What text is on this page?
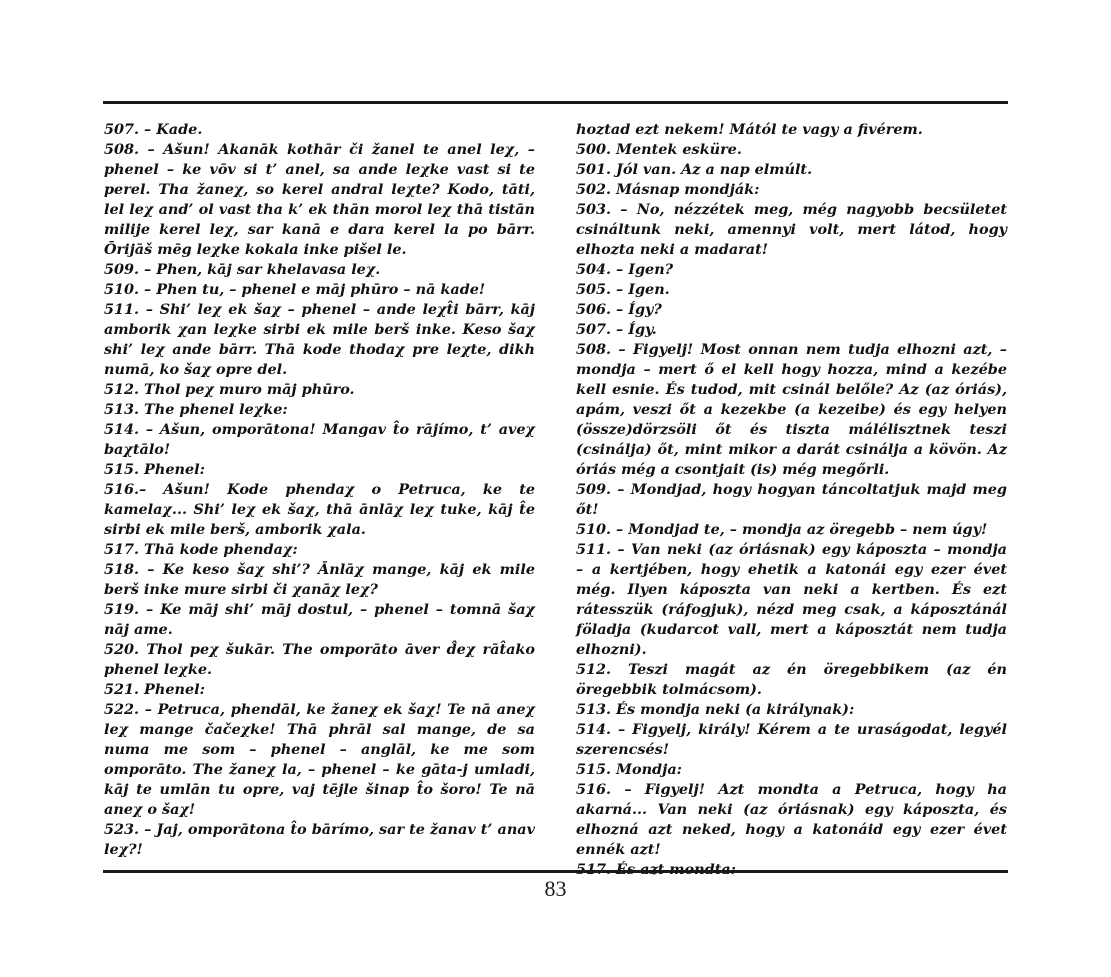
507. – Kade.

508. – Ašun! Akanāk kothār či žanel te anel leχ, – phenel – ke vōv si t’ anel, sa ande leχke vast si te perel. Tha žaneχ, so kerel andral leχte? Kodo, tāti, lel leχ and’ ol vast tha k’ ek thān morol leχ thā tistān milije kerel leχ, sar kanā e dara kerel la po bārr. Ōrijāš mēg leχke kokala inke pišel le.

509. – Phen, kāj sar khelavasa leχ.

510. – Phen tu, – phenel e māj phūro – nā kade!

511. – Shi’ leχ ek šaχ – phenel – ande leχt̂i bārr, kāj amborik χan leχke sirbi ek mile berš inke. Keso šaχ shi’ leχ ande bārr. Thā kode thodaχ pre leχte, dikh numā, ko šaχ opre del.

512. Thol peχ muro māj phūro.

513. The phenel leχke:

514. – Ašun, omporātona! Mangav t̂o rājímo, t’ aveχ baχtālo!

515. Phenel:

516.– Ašun! Kode phendaχ o Petruca, ke te kamelaχ... Shi’ leχ ek šaχ, thā ānlāχ leχ tuke, kāj t̂e sirbi ek mile berš, amborik χala.

517. Thā kode phendaχ:

518. – Ke keso šaχ shi’? Ānlāχ mange, kāj ek mile berš inke mure sirbi či χanāχ leχ?

519. – Ke māj shi’ māj dostul, – phenel – tomnā šaχ nāj ame.

520. Thol peχ šukār. The omporāto āver d̂eχ rāt̂ako phenel leχke.

521. Phenel:

522. – Petruca, phendāl, ke žaneχ ek šaχ! Te nā aneχ leχ mange čačeχke! Thā phrāl sal mange, de sa numa me som – phenel – anglāl, ke me som omporāto. The žaneχ la, – phenel – ke gāta-j umladi, kāj te umlān tu opre, vaj tējle šinap t̂o šoro! Te nā aneχ o šaχ!

523. – Jaj, omporātona t̂o bārímo, sar te žanav t’ anav leχ?!

hoztad ezt nekem! Mától te vagy a fivérem.

500. Mentek esküre.

501. Jól van. Az a nap elmúlt.

502. Másnap mondják:

503. – No, nézzétek meg, még nagyobb becsületet csináltunk neki, amennyi volt, mert látod, hogy elhozta neki a madarat!

504. – Igen?

505. – Igen.

506. – Így?

507. – Így.

508. – Figyelj! Most onnan nem tudja elhozni azt, – mondja – mert ő el kell hogy hozza, mind a kezébe kell esnie. És tudod, mit csinál belőle? Az (az óriás), apám, veszi őt a kezekbe (a kezeibe) és egy helyen (össze)dörzsöli őt és tiszta málélisztnek teszi (csinálja) őt, mint mikor a darát csinálja a kövön. Az óriás még a csontjait (is) még megőrli.

509. – Mondjad, hogy hogyan táncoltatjuk majd meg őt!

510. – Mondjad te, – mondja az öregebb – nem úgy!

511. – Van neki (az óriásnak) egy káposzta – mondja – a kertjében, hogy ehetik a katonái egy ezer évet még. Ilyen káposzta van neki a kertben. És ezt rátesszük (ráfogjuk), nézd meg csak, a káposztánál föladja (kudarcot vall, mert a káposztát nem tudja elhozni).

512. Teszi magát az én öregebbikem (az én öregebbik tolmácsom).

513. És mondja neki (a királynak):

514. – Figyelj, király! Kérem a te uraságodat, legyél szerencsés!

515. Mondja:

516. – Figyelj! Azt mondta a Petruca, hogy ha akarná... Van neki (az óriásnak) egy káposzta, és elhozná azt neked, hogy a katonáid egy ezer évet ennék azt!

83
